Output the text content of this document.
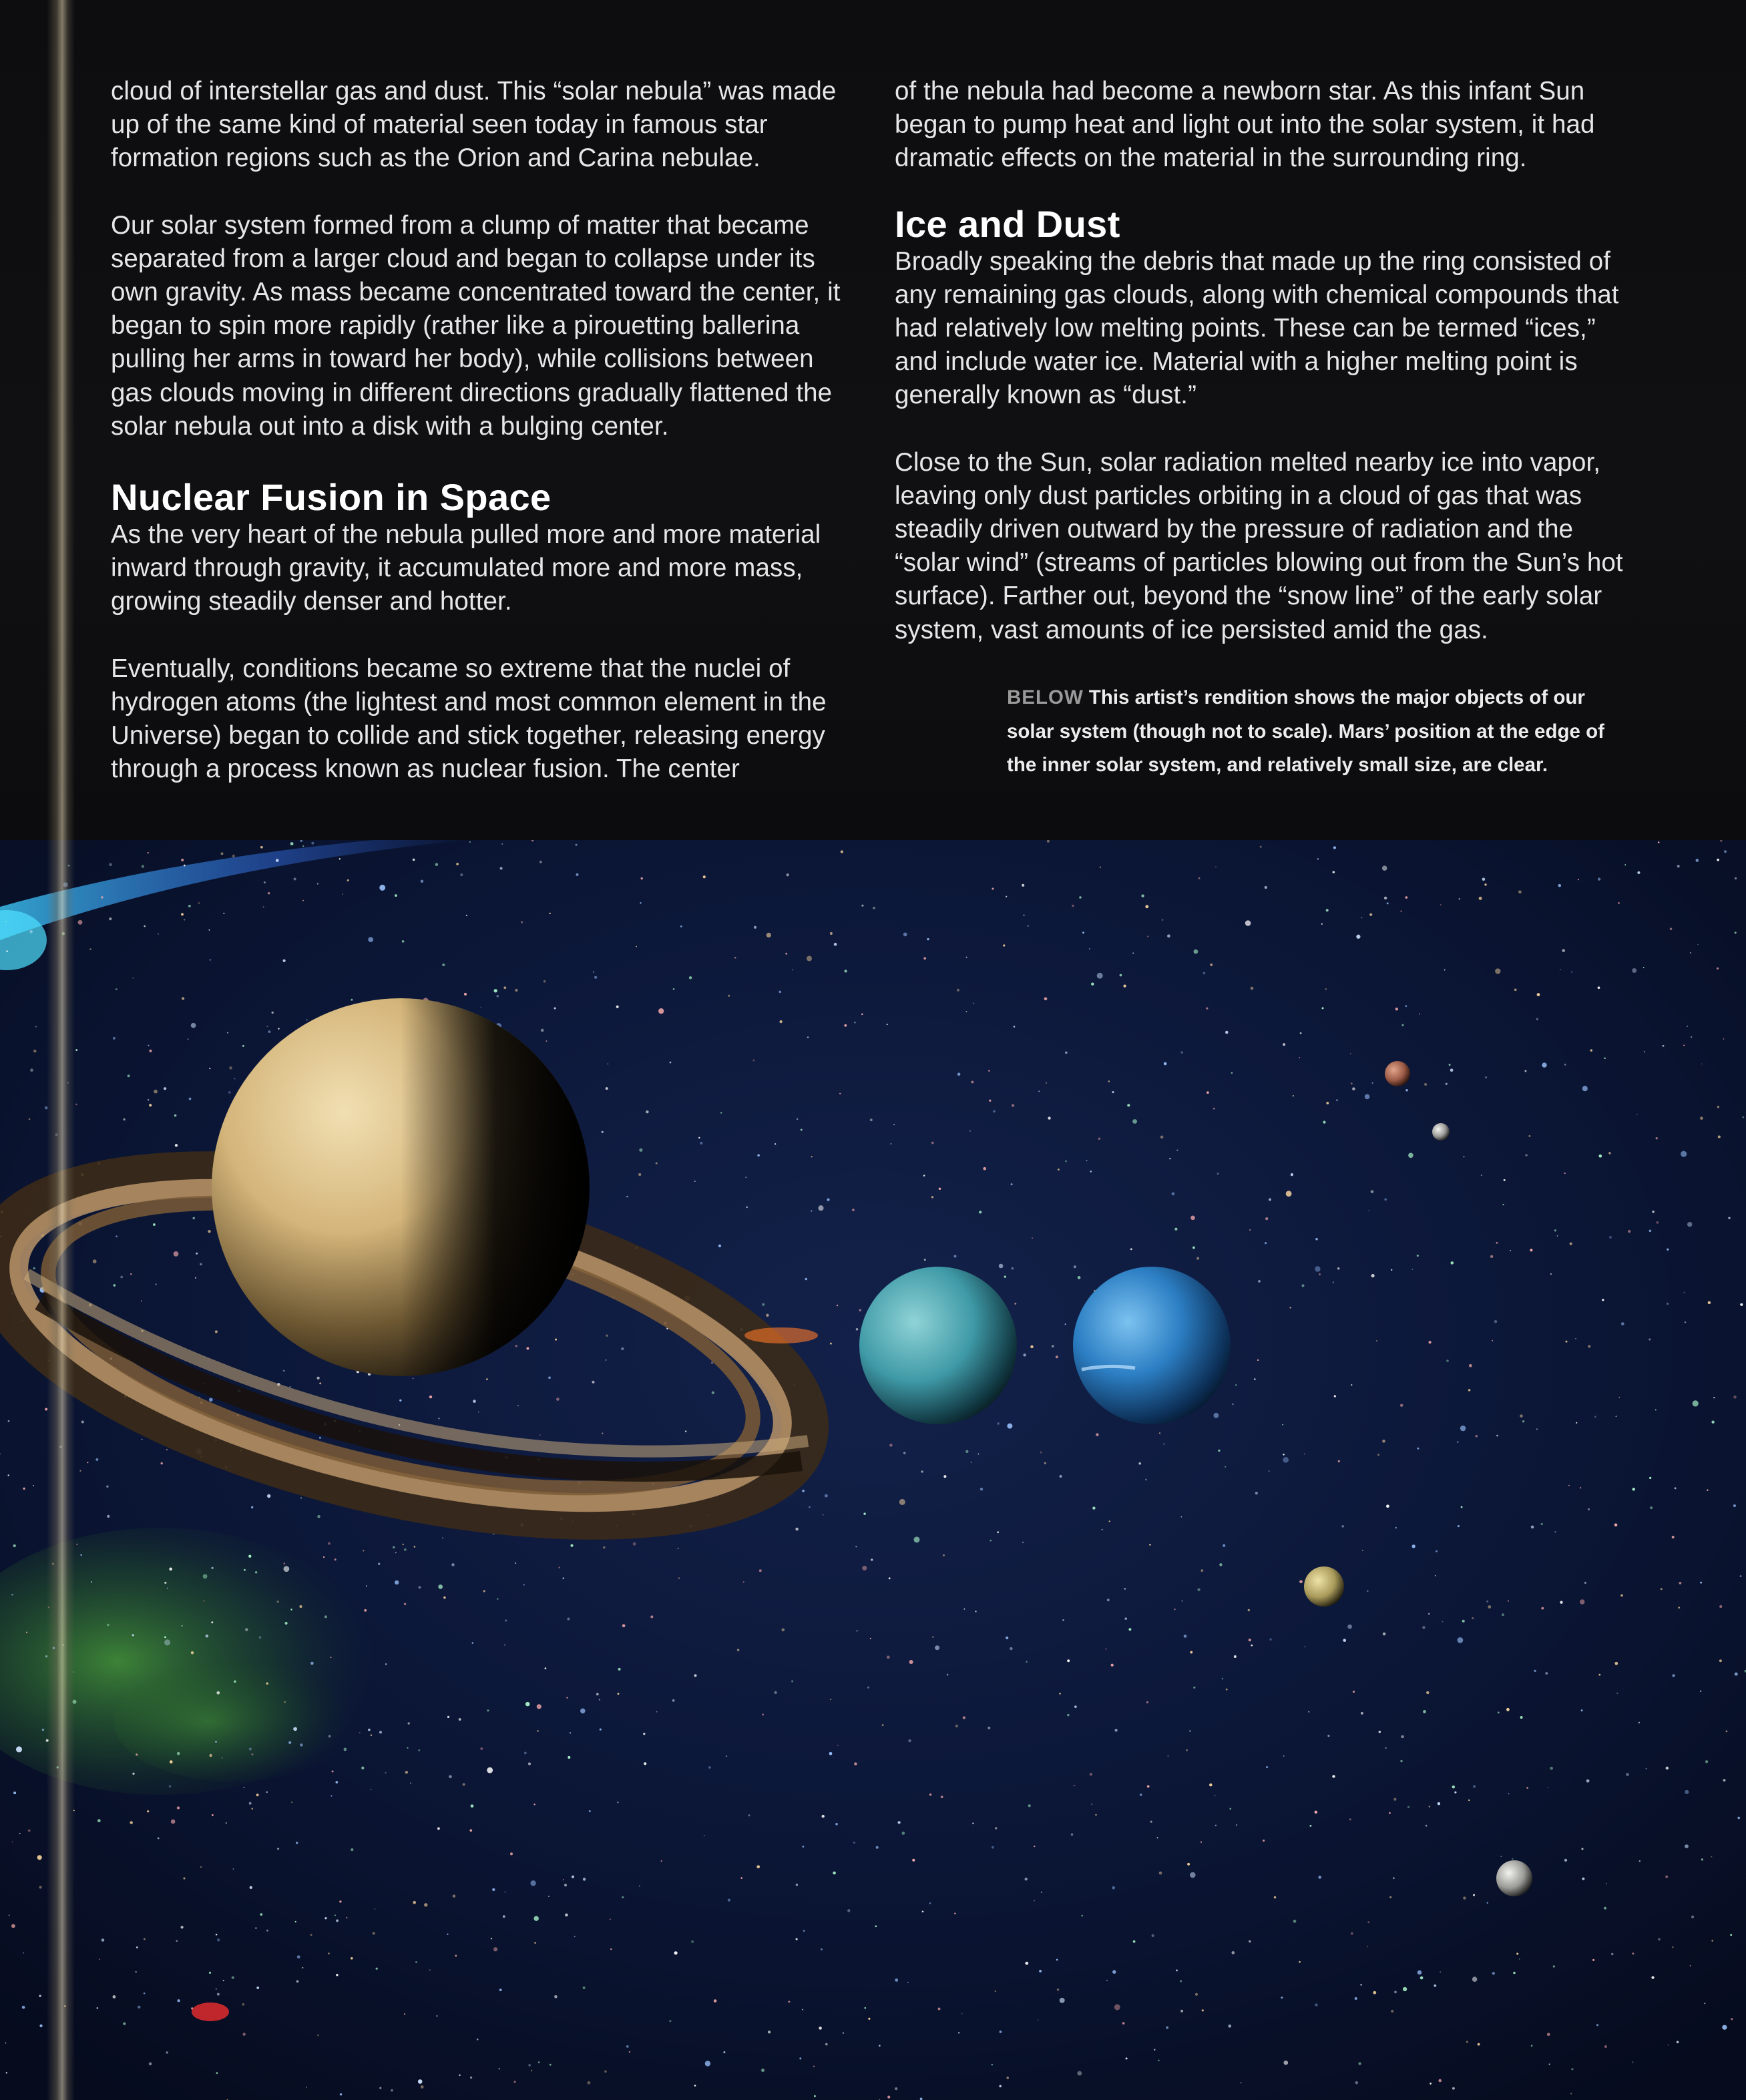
cloud of interstellar gas and dust. This “solar nebula” was made up of the same kind of material seen today in famous star formation regions such as the Orion and Carina nebulae.

Our solar system formed from a clump of matter that became separated from a larger cloud and began to collapse under its own gravity. As mass became concentrated toward the center, it began to spin more rapidly (rather like a pirouetting ballerina pulling her arms in toward her body), while collisions between gas clouds moving in different directions gradually flattened the solar nebula out into a disk with a bulging center.

Nuclear Fusion in Space

As the very heart of the nebula pulled more and more material inward through gravity, it accumulated more and more mass, growing steadily denser and hotter.

Eventually, conditions became so extreme that the nuclei of hydrogen atoms (the lightest and most common element in the Universe) began to collide and stick together, releasing energy through a process known as nuclear fusion. The center

of the nebula had become a newborn star. As this infant Sun began to pump heat and light out into the solar system, it had dramatic effects on the material in the surrounding ring.

Ice and Dust

Broadly speaking the debris that made up the ring consisted of any remaining gas clouds, along with chemical compounds that had relatively low melting points. These can be termed “ices,” and include water ice. Material with a higher melting point is generally known as “dust.”

Close to the Sun, solar radiation melted nearby ice into vapor, leaving only dust particles orbiting in a cloud of gas that was steadily driven outward by the pressure of radiation and the “solar wind” (streams of particles blowing out from the Sun’s hot surface). Farther out, beyond the “snow line” of the early solar system, vast amounts of ice persisted amid the gas.

BELOW This artist’s rendition shows the major objects of our solar system (though not to scale). Mars’ position at the edge of the inner solar system, and relatively small size, are clear.
